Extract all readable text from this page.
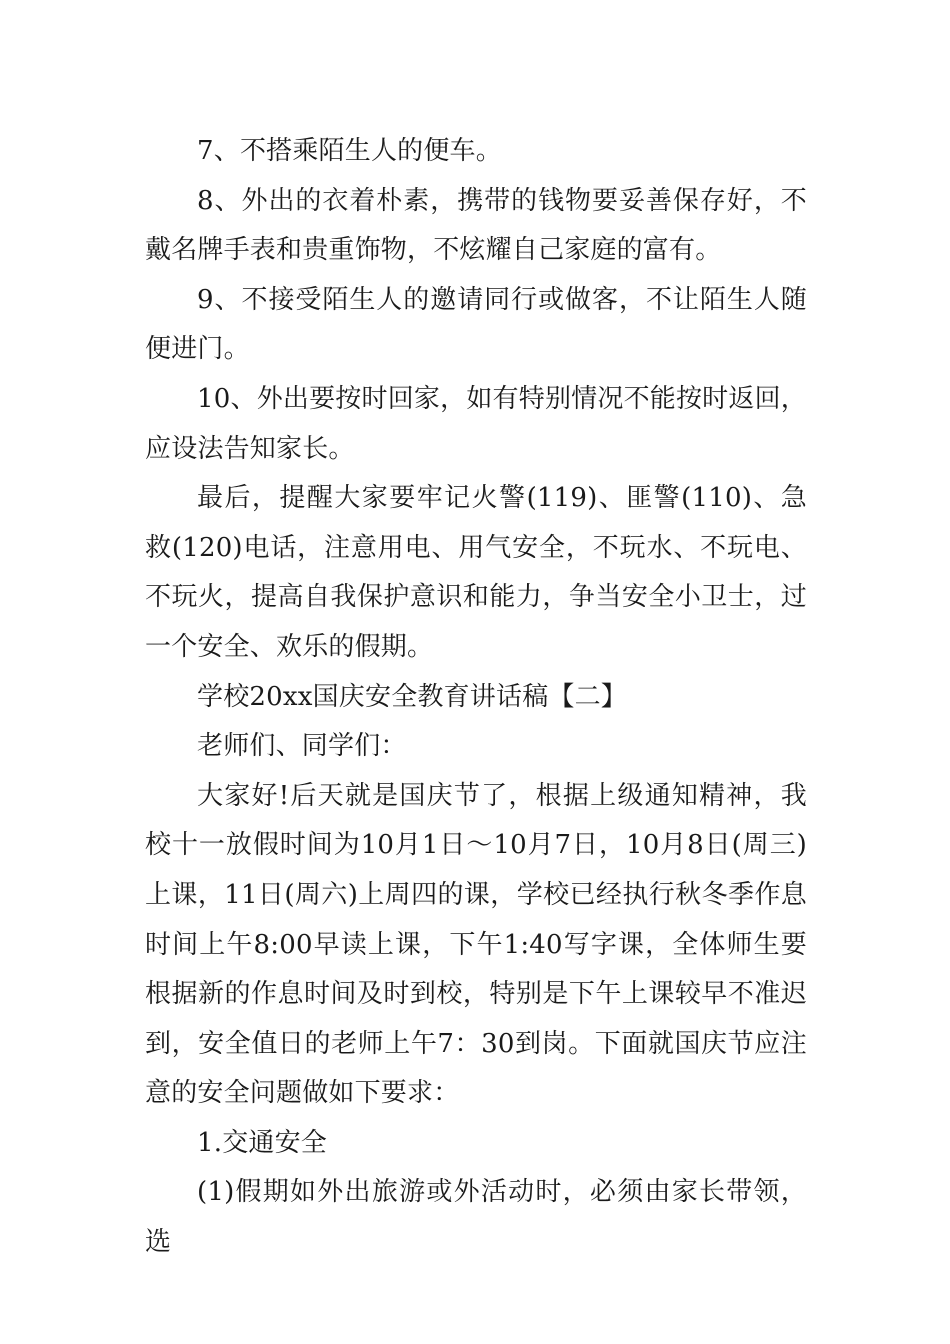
7、不搭乘陌生人的便车。

8、外出的衣着朴素，携带的钱物要妥善保存好，不戴名牌手表和贵重饰物，不炫耀自己家庭的富有。

9、不接受陌生人的邀请同行或做客，不让陌生人随便进门。

10、外出要按时回家，如有特别情况不能按时返回，应设法告知家长。

最后，提醒大家要牢记火警(119)、匪警(110)、急救(120)电话，注意用电、用气安全，不玩水、不玩电、不玩火，提高自我保护意识和能力，争当安全小卫士，过一个安全、欢乐的假期。

学校20xx国庆安全教育讲话稿【二】

老师们、同学们：

大家好!后天就是国庆节了，根据上级通知精神，我校十一放假时间为10月1日～10月7日，10月8日(周三)上课，11日(周六)上周四的课，学校已经执行秋冬季作息时间上午8:00早读上课，下午1:40写字课，全体师生要根据新的作息时间及时到校，特别是下午上课较早不准迟到，安全值日的老师上午7：30到岗。下面就国庆节应注意的安全问题做如下要求：

1.交通安全

(1)假期如外出旅游或外活动时，必须由家长带领，选
